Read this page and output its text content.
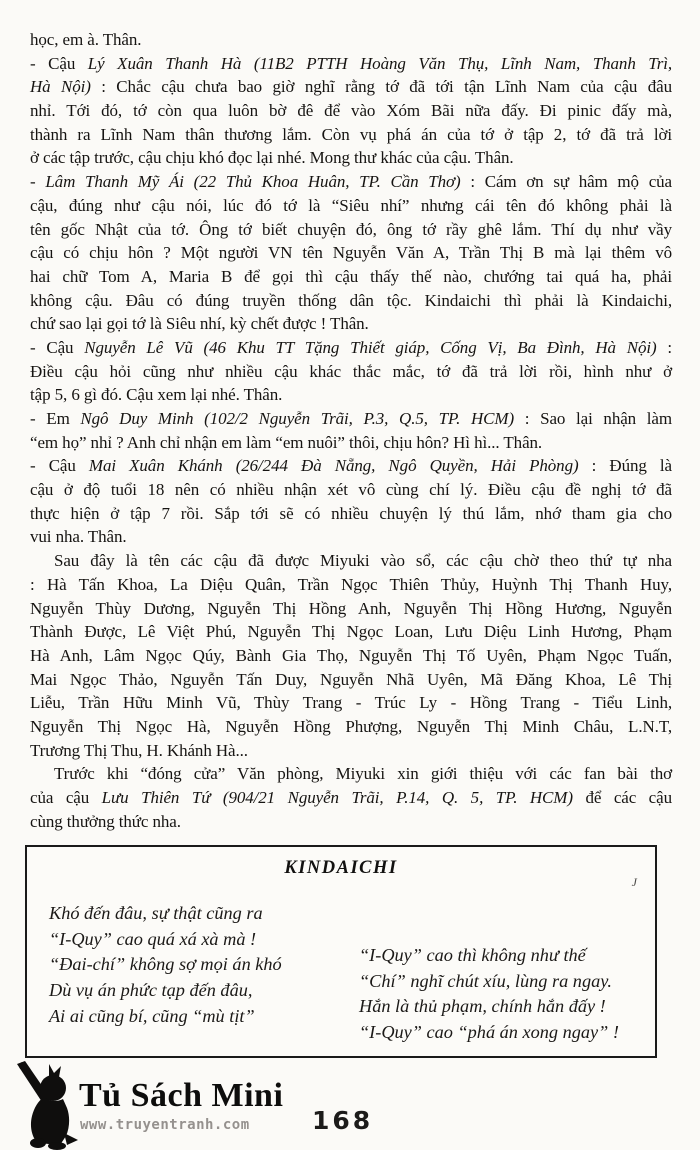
học, em à. Thân.
- Cậu Lý Xuân Thanh Hà (11B2 PTTH Hoàng Văn Thụ, Lĩnh Nam, Thanh Trì,
Hà Nội) : Chắc cậu chưa bao giờ nghĩ rằng tớ đã tới tận Lĩnh Nam của cậu đâu
nhỉ. Tới đó, tớ còn qua luôn bờ đê để vào Xóm Bãi nữa đấy. Đi pinic đấy mà,
thành ra Lĩnh Nam thân thương lắm. Còn vụ phá án của tớ ở tập 2, tớ đã trả lời
ở các tập trước, cậu chịu khó đọc lại nhé. Mong thư khác của cậu. Thân.
- Lâm Thanh Mỹ Ái (22 Thủ Khoa Huân, TP. Cần Thơ) : Cám ơn sự hâm mộ của
cậu, đúng như cậu nói, lúc đó tớ là “Siêu nhí” nhưng cái tên đó không phải là
tên gốc Nhật của tớ. Ông tớ biết chuyện đó, ông tớ rầy ghê lắm. Thí dụ như vầy
cậu có chịu hôn ? Một người VN tên Nguyễn Văn A, Trần Thị B mà lại thêm vô
hai chữ Tom A, Maria B để gọi thì cậu thấy thế nào, chướng tai quá ha, phải
không cậu. Đâu có đúng truyền thống dân tộc. Kindaichi thì phải là Kindaichi,
chứ sao lại gọi tớ là Siêu nhí, kỳ chết được ! Thân.
- Cậu Nguyễn Lê Vũ (46 Khu TT Tặng Thiết giáp, Cống Vị, Ba Đình, Hà Nội) :
Điều cậu hỏi cũng như nhiều cậu khác thắc mắc, tớ đã trả lời rồi, hình như ở
tập 5, 6 gì đó. Cậu xem lại nhé. Thân.
- Em Ngô Duy Minh (102/2 Nguyễn Trãi, P.3, Q.5, TP. HCM) : Sao lại nhận làm
“em họ” nhỉ ? Anh chỉ nhận em làm “em nuôi” thôi, chịu hôn? Hì hì... Thân.
- Cậu Mai Xuân Khánh (26/244 Đà Nẵng, Ngô Quyền, Hải Phòng) : Đúng là
cậu ở độ tuổi 18 nên có nhiều nhận xét vô cùng chí lý. Điều cậu đề nghị tớ đã
thực hiện ở tập 7 rồi. Sắp tới sẽ có nhiều chuyện lý thú lắm, nhớ tham gia cho
vui nha. Thân.
Sau đây là tên các cậu đã được Miyuki vào sổ, các cậu chờ theo thứ tự nha
: Hà Tấn Khoa, La Diệu Quân, Trần Ngọc Thiên Thủy, Huỳnh Thị Thanh Huy,
Nguyễn Thùy Dương, Nguyễn Thị Hồng Anh, Nguyễn Thị Hồng Hương, Nguyễn
Thành Được, Lê Việt Phú, Nguyễn Thị Ngọc Loan, Lưu Diệu Linh Hương, Phạm
Hà Anh, Lâm Ngọc Qúy, Bành Gia Thọ, Nguyễn Thị Tố Uyên, Phạm Ngọc Tuấn,
Mai Ngọc Thảo, Nguyễn Tấn Duy, Nguyễn Nhã Uyên, Mã Đăng Khoa, Lê Thị
Liễu, Trần Hữu Minh Vũ, Thùy Trang - Trúc Ly - Hồng Trang - Tiểu Linh,
Nguyễn Thị Ngọc Hà, Nguyễn Hồng Phượng, Nguyễn Thị Minh Châu, L.N.T,
Trương Thị Thu, H. Khánh Hà...
Trước khi “đóng cửa” Văn phòng, Miyuki xin giới thiệu với các fan bài thơ
của cậu Lưu Thiên Tứ (904/21 Nguyễn Trãi, P.14, Q. 5, TP. HCM) để các cậu
cùng thưởng thức nha.
KINDAICHI
J
Khó đến đâu, sự thật cũng ra
“I-Quy” cao quá xá xà mà !
“Đai-chí” không sợ mọi án khó
Dù vụ án phức tạp đến đâu,
Ai ai cũng bí, cũng “mù tịt”
“I-Quy” cao thì không như thế
“Chí” nghĩ chút xíu, lùng ra ngay.
Hắn là thủ phạm, chính hắn đấy !
“I-Quy” cao “phá án xong ngay” !
Tủ Sách Mini
www.truyentranh.com 168
